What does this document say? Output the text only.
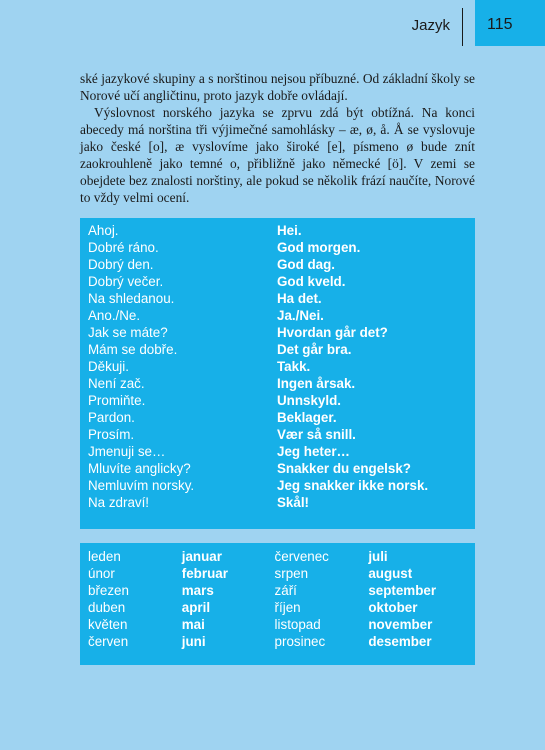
Jazyk 115

ské jazykové skupiny a s norštinou nejsou příbuzné. Od základní školy se Norové učí angličtinu, proto jazyk dobře ovládají.

Výslovnost norského jazyka se zprvu zdá být obtížná. Na konci abecedy má norština tři výjimečné samohlásky – æ, ø, å. Å se vyslovuje jako české [o], æ vyslovíme jako široké [e], písmeno ø bude znít zaokrouhleně jako temné o, přibližně jako německé [ö]. V zemi se obejdete bez znalosti norštiny, ale pokud se několik frází naučíte, Norové to vždy velmi ocení.

Ahoj.	Hei.
Dobré ráno.	God morgen.
Dobrý den.	God dag.
Dobrý večer.	God kveld.
Na shledanou.	Ha det.
Ano./Ne.	Ja./Nei.
Jak se máte?	Hvordan går det?
Mám se dobře.	Det går bra.
Děkuji.	Takk.
Není zač.	Ingen årsak.
Promiňte.	Unnskyld.
Pardon.	Beklager.
Prosím.	Vær så snill.
Jmenuji se…	Jeg heter…
Mluvíte anglicky?	Snakker du engelsk?
Nemluvím norsky.	Jeg snakker ikke norsk.
Na zdraví!	Skål!
leden	januar	červenec	juli
únor	februar	srpen	august
březen	mars	září	september
duben	april	říjen	oktober
květen	mai	listopad	november
červen	juni	prosinec	desember
